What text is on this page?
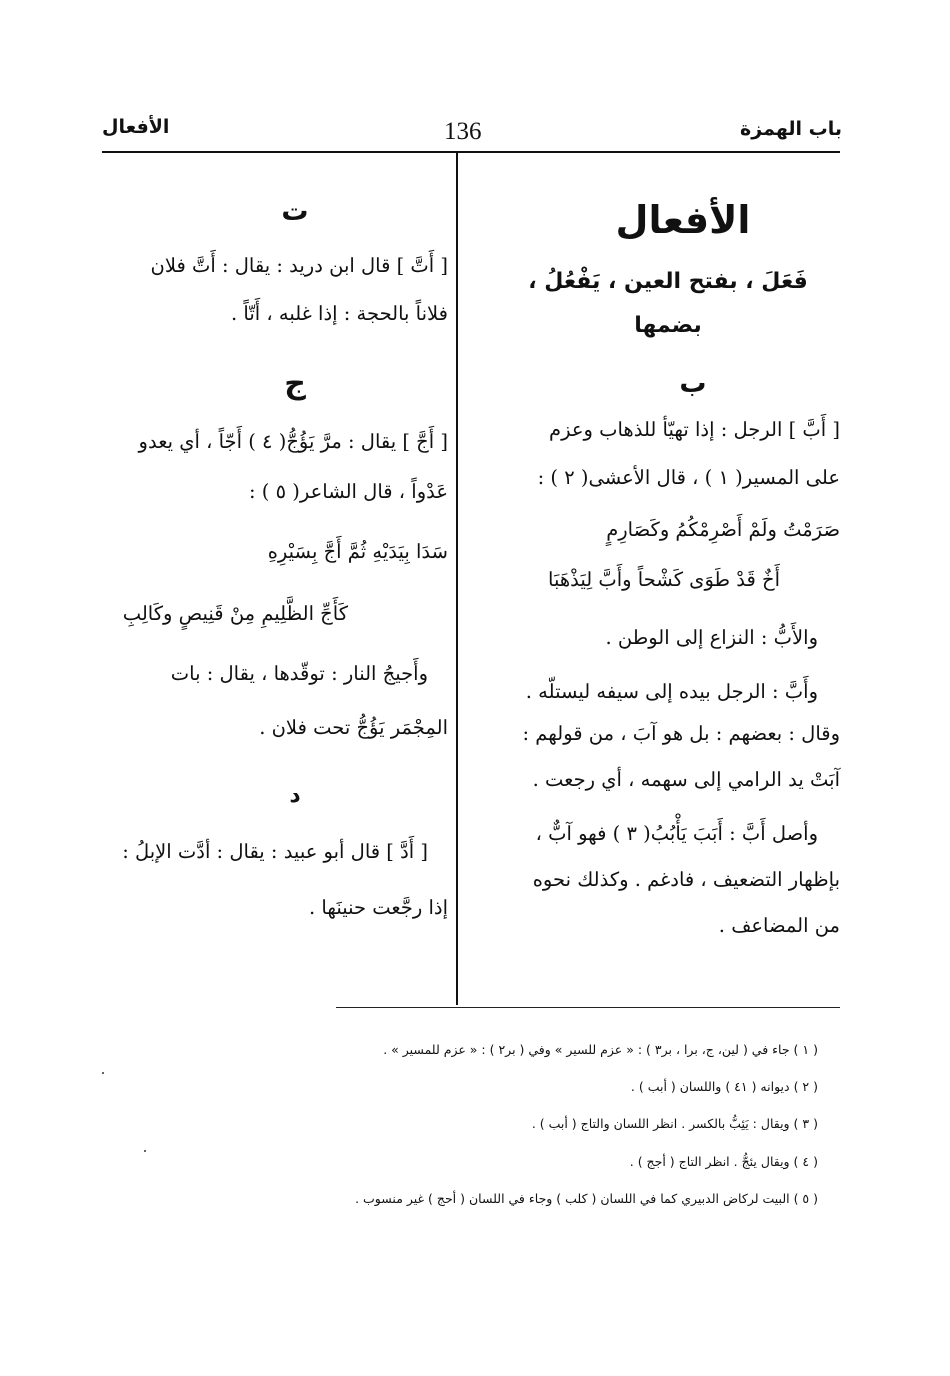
باب الهمزة
136
الأفعال
الأفعال
فَعَلَ ، بفتح العين ، يَفْعُلُ ، بضمها
ب

[ أَبَّ ] الرجل : إذا تهيّأ للذهاب وعزم

على المسير( ١ ) ، قال الأعشى( ٢ ) :

صَرَمْتُ ولَمْ أَصْرِمْكُمُ وكَصَارِمٍ

أَخٌ قَدْ طَوَى كَشْحاً وأَبَّ لِيَذْهَبَا

والأَبُّ : النزاع إلى الوطن .

وأَبَّ : الرجل بيده إلى سيفه ليستلّه .

وقال : بعضهم : بل هو آبَ ، من قولهم :

آبَتْ يد الرامي إلى سهمه ، أي رجعت .

وأصل أَبَّ : أَبَبَ يَأْبُبُ( ٣ ) فهو آبٌّ ،

بإظهار التضعيف ، فادغم . وكذلك نحوه

من المضاعف .

ت

[ أَتَّ ] قال ابن دريد : يقال : أَتَّ فلان

فلاناً بالحجة : إذا غلبه ، أَتّاً .

ج

[ أَجَّ ] يقال : مرَّ يَؤُجُّ( ٤ ) أَجّاً ، أي يعدو

عَدْواً ، قال الشاعر( ٥ ) :

سَدَا بِيَدَيْهِ ثُمَّ أَجَّ بِسَيْرِهِ

كَأَجِّ الظَّلِيمِ مِنْ قَنِيصٍ وكَالِبِ

وأَجيجُ النار : توقّدها ، يقال : بات

المِجْمَر يَؤُجُّ تحت فلان .

د

[ أَدَّ ] قال أبو عبيد : يقال : أدَّت الإبلُ :

إذا رجَّعت حنينَها .

( ١ ) جاء في ( لين، ج، برا ، بر٣ ) : « عزم للسير » وفي ( بر٢ ) : « عزم للمسير » .
( ٢ ) ديوانه ( ٤١ ) واللسان ( أبب ) .
( ٣ ) ويقال : يَئِبُّ بالكسر . انظر اللسان والتاج ( أبب ) .
( ٤ ) ويقال يئجُّ . انظر التاج ( أجج ) .
( ٥ ) البيت لركاض الدبيري كما في اللسان ( كلب ) وجاء في اللسان ( أحج ) غير منسوب .
